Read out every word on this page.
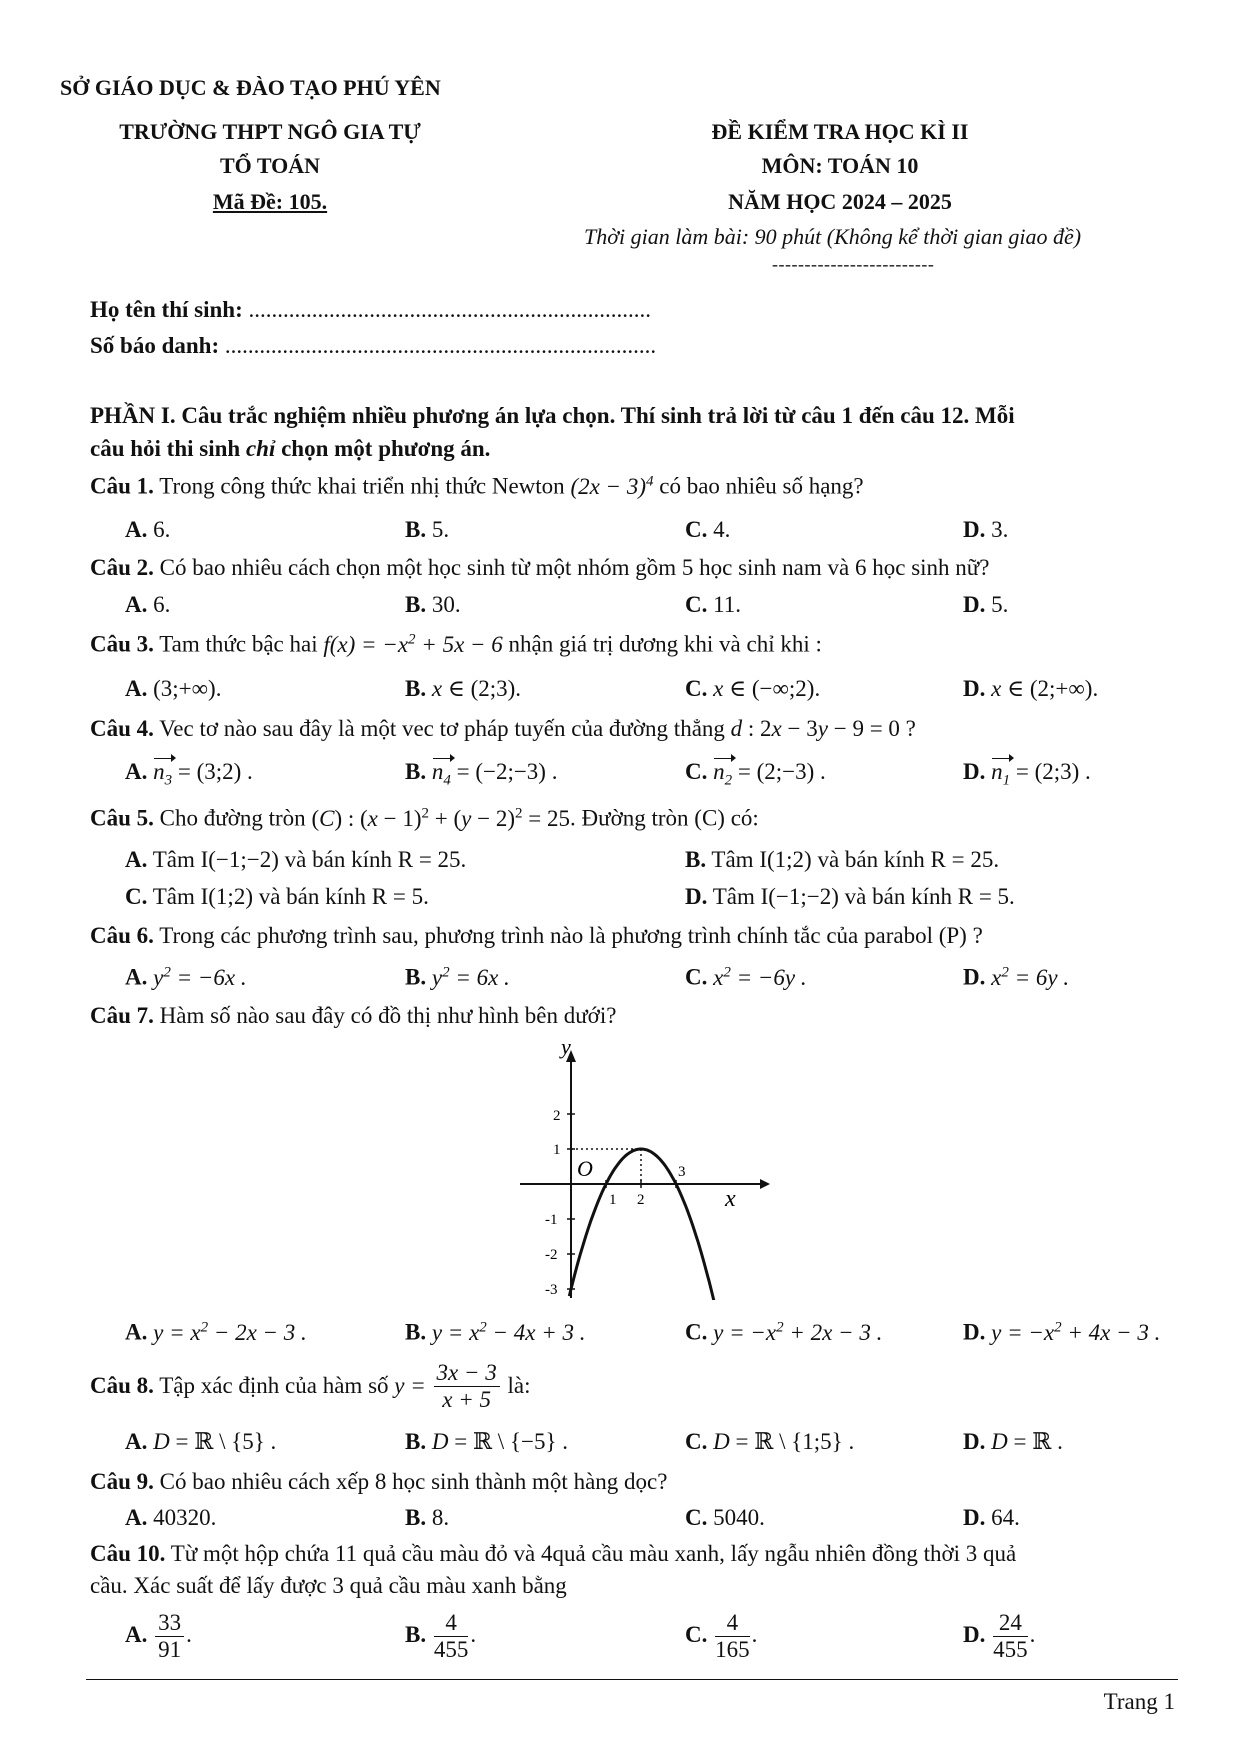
SỞ GIÁO DỤC & ĐÀO TẠO PHÚ YÊN
TRƯỜNG THPT NGÔ GIA TỰ
TỔ TOÁN
Mã Đề: 105.
ĐỀ KIỂM TRA HỌC KÌ II
MÔN: TOÁN 10
NĂM HỌC 2024 – 2025
Thời gian làm bài: 90 phút (Không kể thời gian giao đề)
-------------------------
Họ tên thí sinh: ......................................................................
Số báo danh: ...........................................................................
PHẦN I. Câu trắc nghiệm nhiều phương án lựa chọn. Thí sinh trả lời từ câu 1 đến câu 12. Mỗi
câu hỏi thi sinh chỉ chọn một phương án.
Câu 1. Trong công thức khai triển nhị thức Newton $(2x - 3)^4$ có bao nhiêu số hạng?
A. 6.	B. 5.	C. 4.	D. 3.
Câu 2. Có bao nhiêu cách chọn một học sinh từ một nhóm gồm 5 học sinh nam và 6 học sinh nữ?
A. 6.	B. 30.	C. 11.	D. 5.
Câu 3. Tam thức bậc hai $f(x) = -x^2 + 5x - 6$ nhận giá trị dương khi và chỉ khi :
A. (3;+∞).	B. x ∈ (2;3).	C. x ∈ (−∞;2).	D. x ∈ (2;+∞).
Câu 4. Vec tơ nào sau đây là một vec tơ pháp tuyến của đường thẳng d : 2x − 3y − 9 = 0 ?
A. $n_3$ = (3;2) .	B. $n_4$ = (−2;−3) .	C. $n_2$ = (2;−3) .	D. $n_1$ = (2;3) .
Câu 5. Cho đường tròn (C) : $(x - 1)^2 + (y - 2)^2 = 25$. Đường tròn (C) có:
A. Tâm I(−1;−2) và bán kính R = 25.	B. Tâm I(1;2) và bán kính R = 25.
C. Tâm I(1;2) và bán kính R = 5.	D. Tâm I(−1;−2) và bán kính R = 5.
Câu 6. Trong các phương trình sau, phương trình nào là phương trình chính tắc của parabol (P) ?
A. $y^2 = -6x$ .	B. $y^2 = 6x$ .	C. $x^2 = -6y$ .	D. $x^2 = 6y$ .
Câu 7. Hàm số nào sau đây có đồ thị như hình bên dưới?
y
x
O
2
1
-1
-2
-3
1 2
3
A. $y = x^2 - 2x - 3$ .	B. $y = x^2 - 4x + 3$ .	C. $y = -x^2 + 2x - 3$ .	D. $y = -x^2 + 4x - 3$ .
Câu 8. Tập xác định của hàm số $y = \frac{3x - 3}{x + 5}$ là:
A. D = ℝ \ {5} .	B. D = ℝ \ {−5} .	C. D = ℝ \ {1;5} .	D. D = ℝ .
Câu 9. Có bao nhiêu cách xếp 8 học sinh thành một hàng dọc?
A. 40320.	B. 8.	C. 5040.	D. 64.
Câu 10. Từ một hộp chứa 11 quả cầu màu đỏ và 4quả cầu màu xanh, lấy ngẫu nhiên đồng thời 3 quả
cầu. Xác suất để lấy được 3 quả cầu màu xanh bằng
A. $\frac{33}{91}$ .	B. $\frac{4}{455}$ .	C. $\frac{4}{165}$ .	D. $\frac{24}{455}$ .
Trang 1
